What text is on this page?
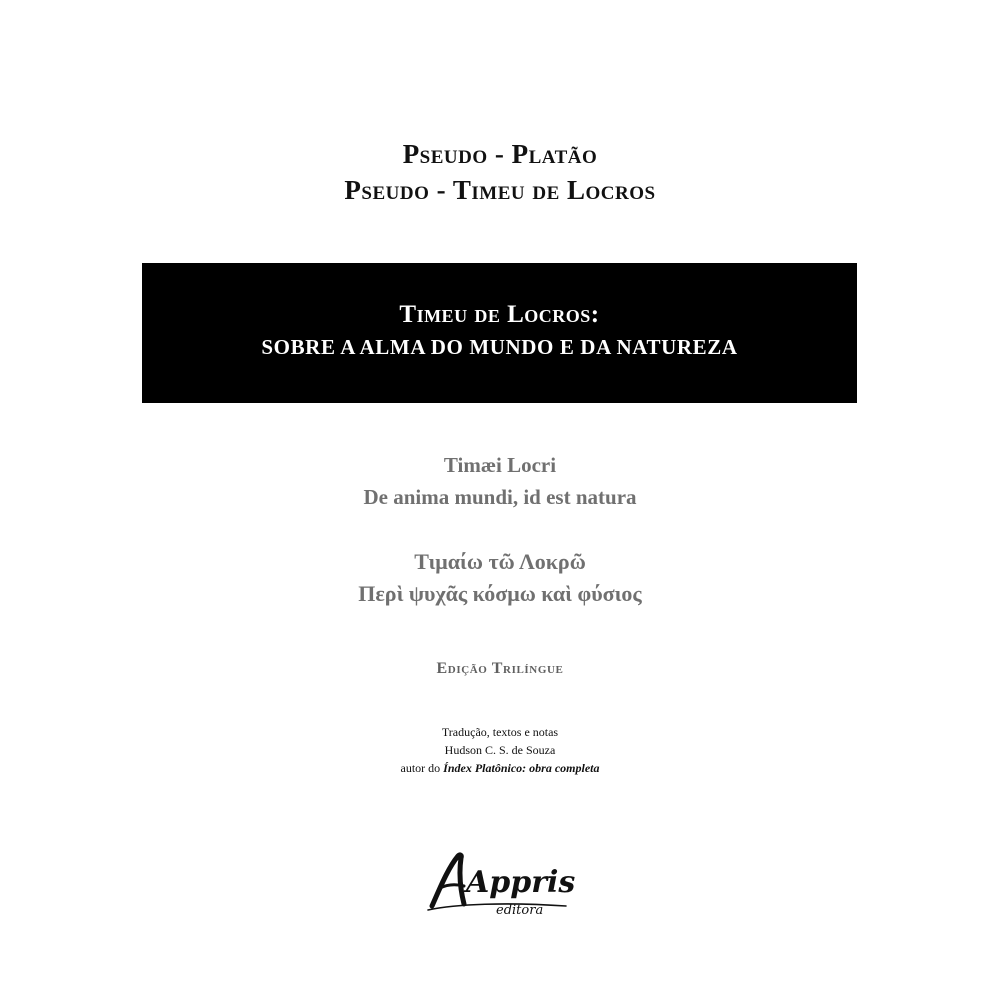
Pseudo - Platão
Pseudo - Timeu de Locros
Timeu de Locros:
SOBRE A ALMA DO MUNDO E DA NATUREZA
Timæi Locri
De anima mundi, id est natura
Τιμαίω τῶ Λοκρῶ
Περὶ ψυχᾶς κόσμω καὶ φύσιος
Edição Trilíngue
Tradução, textos e notas
Hudson C. S. de Souza
autor do Índex Platônico: obra completa
Appris
editora
